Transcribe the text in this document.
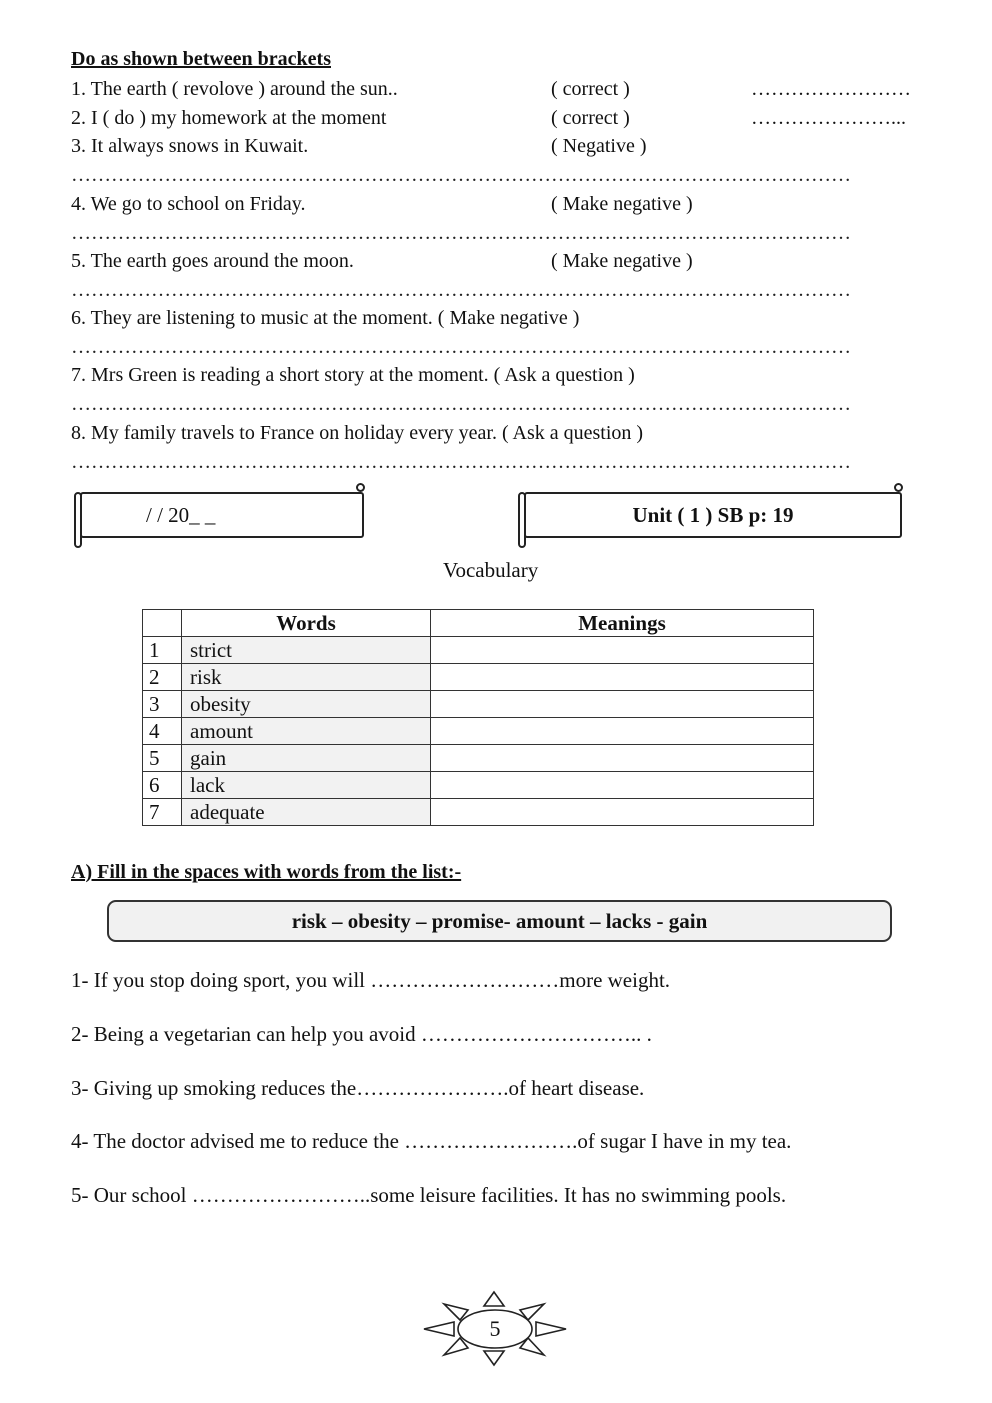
Do as shown between brackets
1. The earth ( revolove ) around the sun..	( correct )	……………………
2. I ( do ) my homework at the moment	( correct )	…………………...
3. It always snows in Kuwait.	( Negative )
………………………………………………………………………………………………………
4. We go to school on Friday.	( Make negative )
………………………………………………………………………………………………………
5. The earth goes around the moon.	( Make negative )
………………………………………………………………………………………………………
6. They are listening to music at the moment. ( Make negative )
………………………………………………………………………………………………………
7. Mrs Green is reading a short story at the moment. ( Ask a question )
………………………………………………………………………………………………………
8. My family travels to France on holiday every year. ( Ask a question )
………………………………………………………………………………………………………
/ / 20_ _	Unit ( 1 ) SB p: 19
Vocabulary
	Words	Meanings
1	strict	
2	risk	
3	obesity	
4	amount	
5	gain	
6	lack	
7	adequate	
A) Fill in the spaces with words from the list:-
risk – obesity – promise- amount – lacks - gain
1- If you stop doing sport, you will ………………………more weight.
2- Being a vegetarian can help you avoid ………………………….. .
3- Giving up smoking reduces the………………….of heart disease.
4- The doctor advised me to reduce the …………………….of sugar I have in my tea.
5- Our school ……………………..some leisure facilities. It has no swimming pools.
5
